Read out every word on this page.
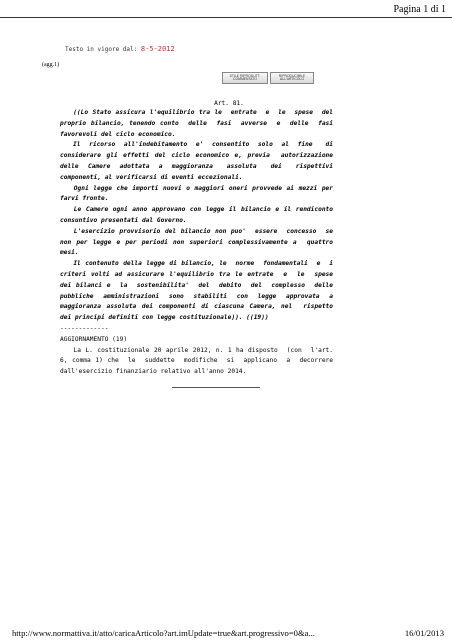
Pagina 1 di 1
Testo in vigore dal: 8-5-2012
(agg.1)
STILE RIPRODUTT.
COMMENTATO
RIPRODUCIBILE
ALL'ARTICOLO
Art. 81.
((Lo Stato assicura l'equilibrio tra le  entrate  e  le  spese  del
proprio bilancio, tenendo conto  delle  fasi  avverse  e  delle  fasi
favorevoli del ciclo economico.
Il  ricorso  all'indebitamento  e'  consentito  solo  al  fine   di
considerare gli effetti del ciclo economico e, previa  autorizzazione
delle  Camere  adottata  a  maggioranza   assoluta   dei   rispettivi
componenti, al verificarsi di eventi eccezionali.
Ogni legge che importi nuovi o maggiori oneri provvede ai mezzi per
farvi fronte.
Le Camere ogni anno approvano con legge il bilancio e il rendiconto
consuntivo presentati dal Governo.
L'esercizio provvisorio del bilancio non puo'  essere  concesso  se
non per legge e per periodi non superiori complessivamente a  quattro
mesi.
Il contenuto della legge di bilancio, le  norme  fondamentali  e  i
criteri volti ad assicurare l'equilibrio tra le entrate  e  le  spese
dei bilanci e  la  sostenibilita'  del  debito  del  complesso  delle
pubbliche  amministrazioni  sono  stabiliti  con  legge  approvata  a
maggioranza assoluta dei componenti di ciascuna Camera, nel  rispetto
dei principi definiti con legge costituzionale)). ((19))
-------------
AGGIORNAMENTO (19)
La L. costituzionale 20 aprile 2012, n. 1 ha disposto  (con  l'art.
6, comma 1) che  le  suddette  modifiche  si  applicano  a  decorrere
dall'esercizio finanziario relativo all'anno 2014.
http://www.normattiva.it/atto/caricaArticolo?art.imUpdate=true&art.progressivo=0&a...	16/01/2013
